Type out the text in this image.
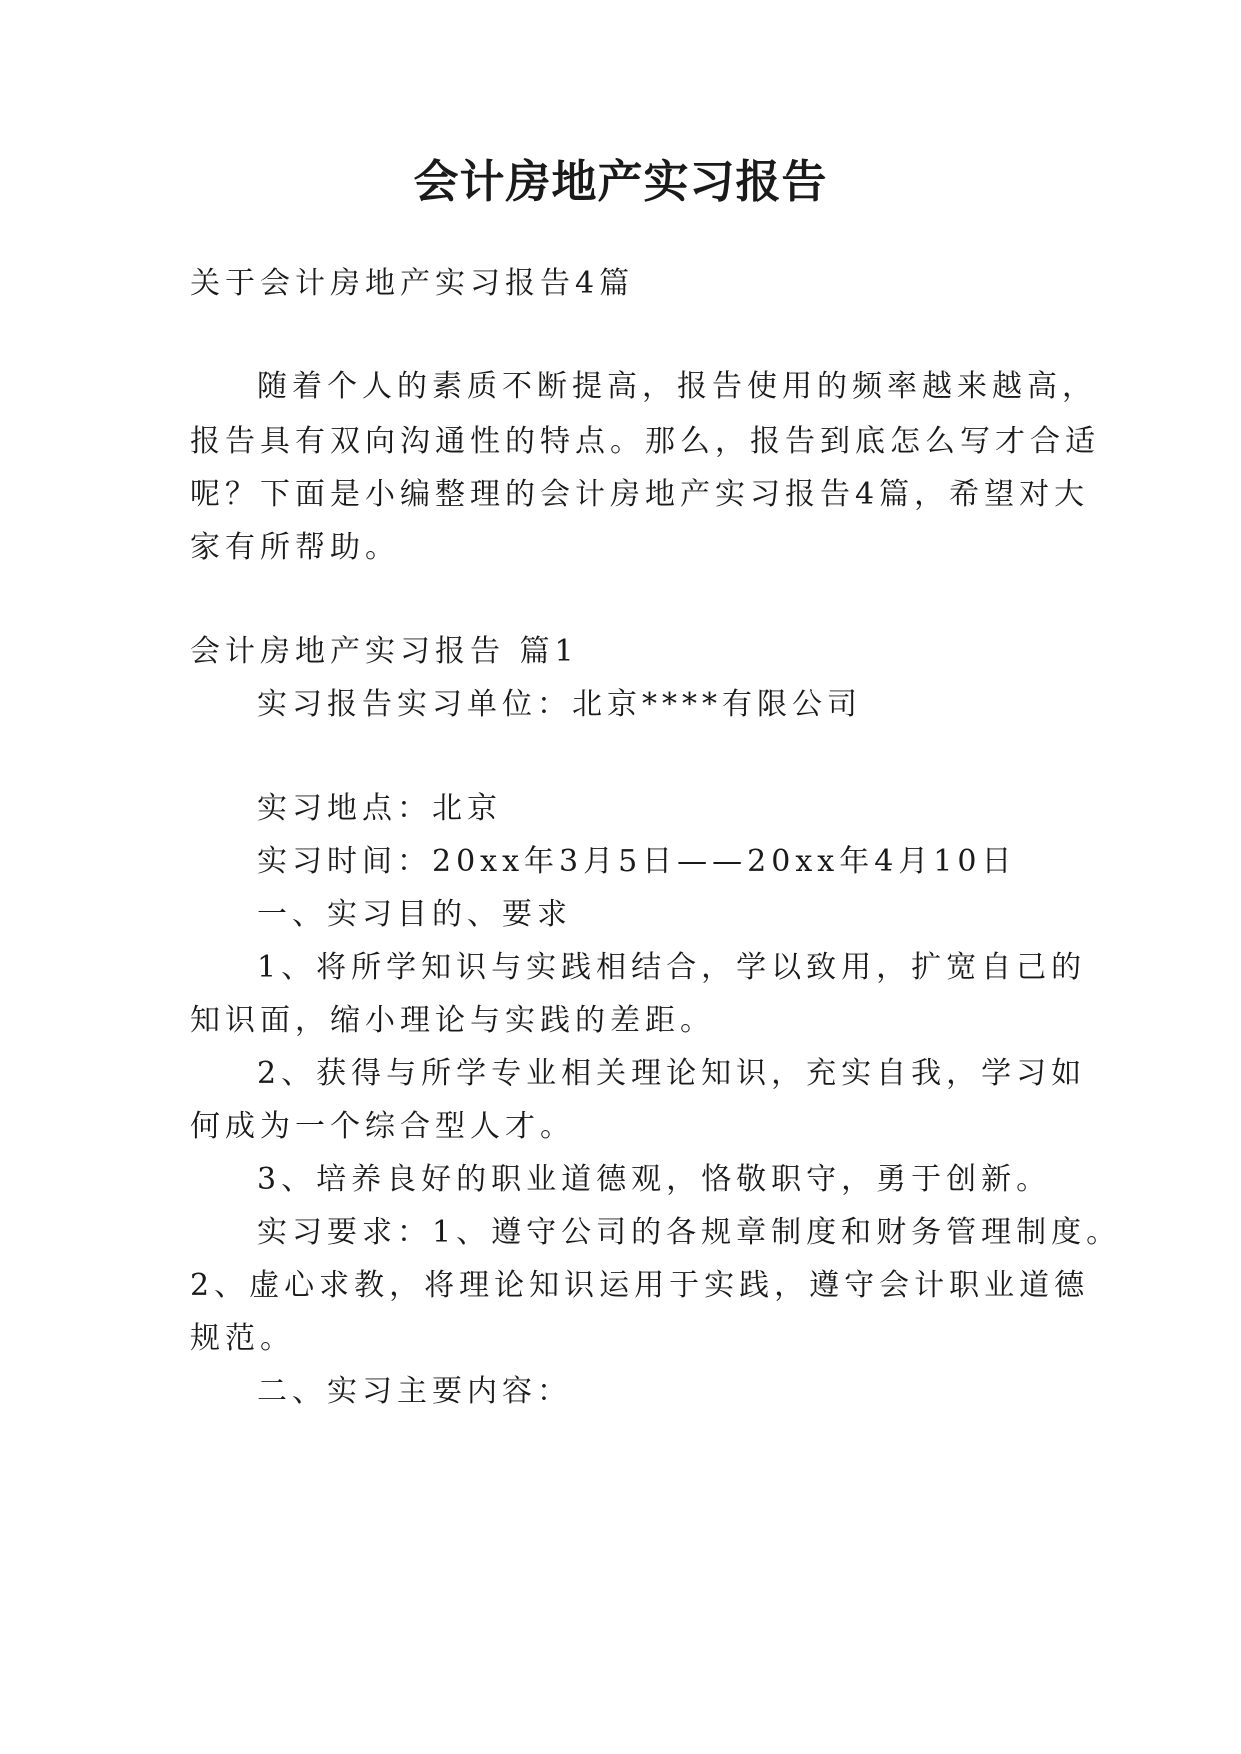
会计房地产实习报告

关于会计房地产实习报告4篇

随着个人的素质不断提高，报告使用的频率越来越高，

报告具有双向沟通性的特点。那么，报告到底怎么写才合适

呢？下面是小编整理的会计房地产实习报告4篇，希望对大

家有所帮助。

会计房地产实习报告 篇1

实习报告实习单位：北京****有限公司

实习地点：北京

实习时间：20xx年3月5日——20xx年4月10日

一、实习目的、要求

1、将所学知识与实践相结合，学以致用，扩宽自己的

知识面，缩小理论与实践的差距。

2、获得与所学专业相关理论知识，充实自我，学习如

何成为一个综合型人才。

3、培养良好的职业道德观，恪敬职守，勇于创新。

实习要求：1、遵守公司的各规章制度和财务管理制度。

2、虚心求教，将理论知识运用于实践，遵守会计职业道德

规范。

二、实习主要内容：
